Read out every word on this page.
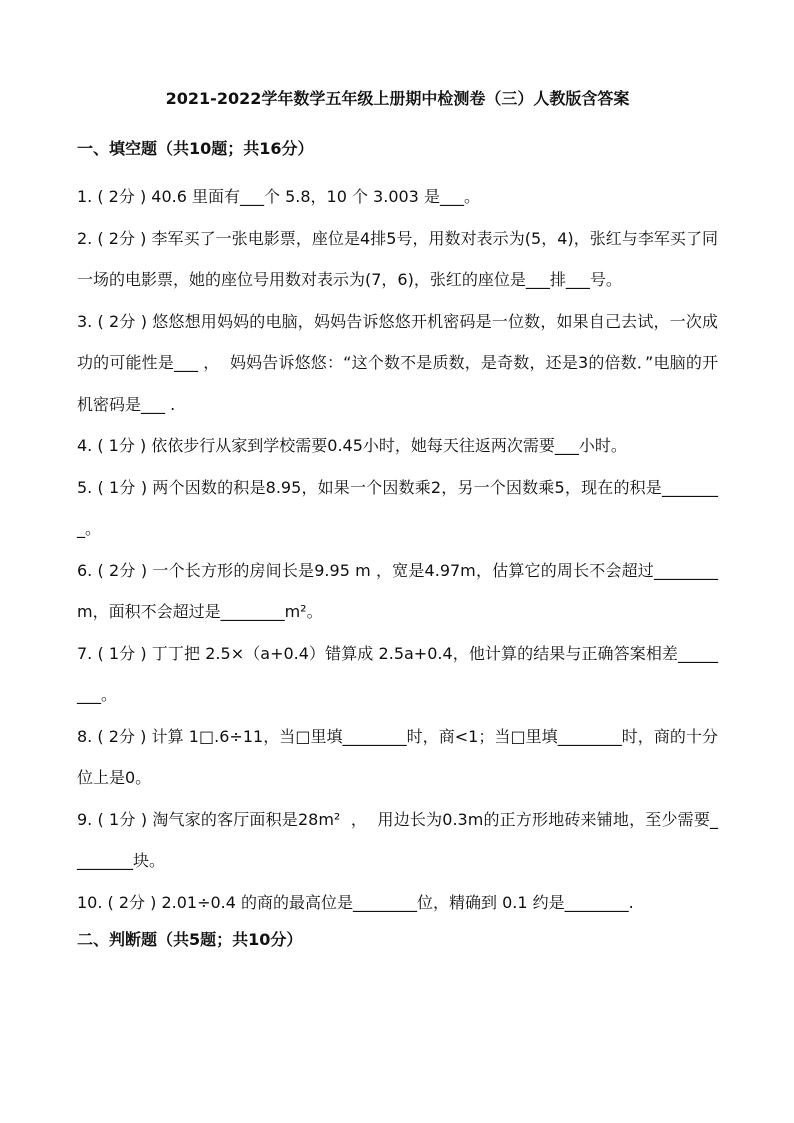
2021-2022学年数学五年级上册期中检测卷（三）人教版含答案
一、填空题（共10题；共16分）

1. ( 2分 ) 40.6 里面有___个 5.8，10 个 3.003 是___。

2. ( 2分 ) 李军买了一张电影票，座位是4排5号，用数对表示为(5，4)，张红与李军买了同一场的电影票，她的座位号用数对表示为(7，6)，张红的座位是___排___号。

3. ( 2分 ) 悠悠想用妈妈的电脑，妈妈告诉悠悠开机密码是一位数，如果自己去试，一次成功的可能性是___ ，  妈妈告诉悠悠：“这个数不是质数，是奇数，还是3的倍数．”电脑的开机密码是___ .

4. ( 1分 ) 依依步行从家到学校需要0.45小时，她每天往返两次需要___小时。

5. ( 1分 ) 两个因数的积是8.95，如果一个因数乘2，另一个因数乘5，现在的积是________。

6. ( 2分 ) 一个长方形的房间长是9.95 m ，宽是4.97m，估算它的周长不会超过________m，面积不会超过是________m²。

7. ( 1分 ) 丁丁把 2.5×（a+0.4）错算成 2.5a+0.4，他计算的结果与正确答案相差________。

8. ( 2分 ) 计算 1□.6÷11，当□里填________时，商<1；当□里填________时，商的十分位上是0。

9. ( 1分 ) 淘气家的客厅面积是28m²  ，  用边长为0.3m的正方形地砖来铺地，至少需要________块。

10. ( 2分 ) 2.01÷0.4 的商的最高位是________位，精确到 0.1 约是________.

二、判断题（共5题；共10分）
